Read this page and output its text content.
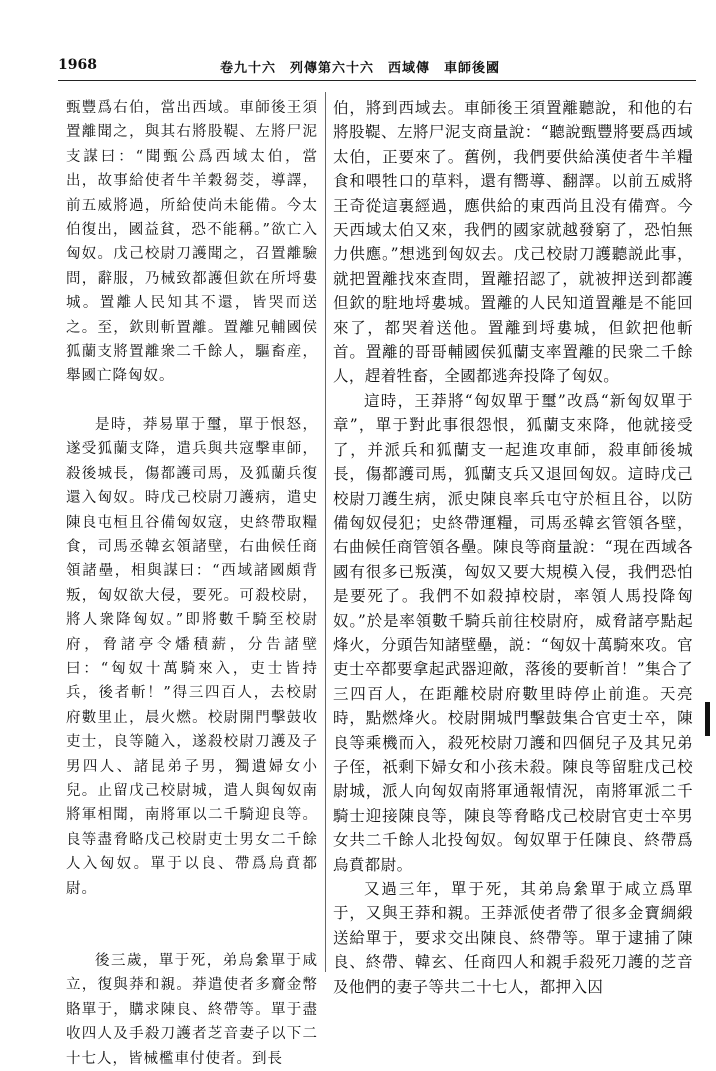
1968	卷九十六　列傳第六十六　西域傳　車師後國

甄豐爲右伯，當出西域。車師後王須置離聞之，與其右將股鞮、左將尸泥支謀曰：“聞甄公爲西域太伯，當出，故事給使者牛羊穀芻茭，導譯，前五威將過，所給使尚未能備。今太伯復出，國益貧，恐不能稱。”欲亡入匈奴。戊己校尉刀護聞之，召置離驗問，辭服，乃械致都護但欽在所埒婁城。置離人民知其不還，皆哭而送之。至，欽則斬置離。置離兄輔國侯狐蘭支將置離衆二千餘人，驅畜産，舉國亡降匈奴。

是時，莽易單于璽，單于恨怒，遂受狐蘭支降，遣兵與共寇擊車師，殺後城長，傷都護司馬，及狐蘭兵復還入匈奴。時戊己校尉刀護病，遣史陳良屯桓且谷備匈奴寇，史終帶取糧食，司馬丞韓玄領諸壁，右曲候任商領諸壘，相與謀曰：“西域諸國頗背叛，匈奴欲大侵，要死。可殺校尉，將人衆降匈奴。”即將數千騎至校尉府，脅諸亭令燔積薪，分告諸壁曰：“匈奴十萬騎來入，吏士皆持兵，後者斬！”得三四百人，去校尉府數里止，晨火燃。校尉開門擊鼓收吏士，良等隨入，遂殺校尉刀護及子男四人、諸昆弟子男，獨遺婦女小兒。止留戊己校尉城，遣人與匈奴南將軍相聞，南將軍以二千騎迎良等。良等盡脅略戊己校尉吏士男女二千餘人入匈奴。單于以良、帶爲烏賁都尉。

後三歲，單于死，弟烏絫單于咸立，復與莽和親。莽遣使者多齎金幣賂單于，購求陳良、終帶等。單于盡收四人及手殺刀護者芝音妻子以下二十七人，皆械檻車付使者。到長

伯，將到西域去。車師後王須置離聽說，和他的右將股鞮、左將尸泥支商量說：“聽說甄豐將要爲西域太伯，正要來了。舊例，我們要供給漢使者牛羊糧食和喂牲口的草料，還有嚮導、翻譯。以前五威將王奇從這裏經過，應供給的東西尚且没有備齊。今天西域太伯又來，我們的國家就越發窮了，恐怕無力供應。”想逃到匈奴去。戊己校尉刀護聽説此事，就把置離找來查問，置離招認了，就被押送到都護但欽的駐地埒婁城。置離的人民知道置離是不能回來了，都哭着送他。置離到埒婁城，但欽把他斬首。置離的哥哥輔國侯狐蘭支率置離的民衆二千餘人，趕着牲畜，全國都逃奔投降了匈奴。

這時，王莽將“匈奴單于璽”改爲“新匈奴單于章”，單于對此事很怨恨，狐蘭支來降，他就接受了，并派兵和狐蘭支一起進攻車師，殺車師後城長，傷都護司馬，狐蘭支兵又退回匈奴。這時戊己校尉刀護生病，派史陳良率兵屯守於桓且谷，以防備匈奴侵犯；史終帶運糧，司馬丞韓玄管領各壁，右曲候任商管領各壘。陳良等商量說：“現在西域各國有很多已叛漢，匈奴又要大規模入侵，我們恐怕是要死了。我們不如殺掉校尉，率領人馬投降匈奴。”於是率領數千騎兵前往校尉府，威脅諸亭點起烽火，分頭告知諸壁壘，説：“匈奴十萬騎來攻。官吏士卒都要拿起武器迎敵，落後的要斬首！”集合了三四百人，在距離校尉府數里時停止前進。天亮時，點燃烽火。校尉開城門擊鼓集合官吏士卒，陳良等乘機而入，殺死校尉刀護和四個兒子及其兄弟子侄，祇剩下婦女和小孩未殺。陳良等留駐戊己校尉城，派人向匈奴南將軍通報情況，南將軍派二千騎士迎接陳良等，陳良等脅略戊己校尉官吏士卒男女共二千餘人北投匈奴。匈奴單于任陳良、終帶爲烏賁都尉。

又過三年，單于死，其弟烏絫單于咸立爲單于，又與王莽和親。王莽派使者帶了很多金寶綢緞送給單于，要求交出陳良、終帶等。單于逮捕了陳良、終帶、韓玄、任商四人和親手殺死刀護的芝音及他們的妻子等共二十七人，都押入囚
